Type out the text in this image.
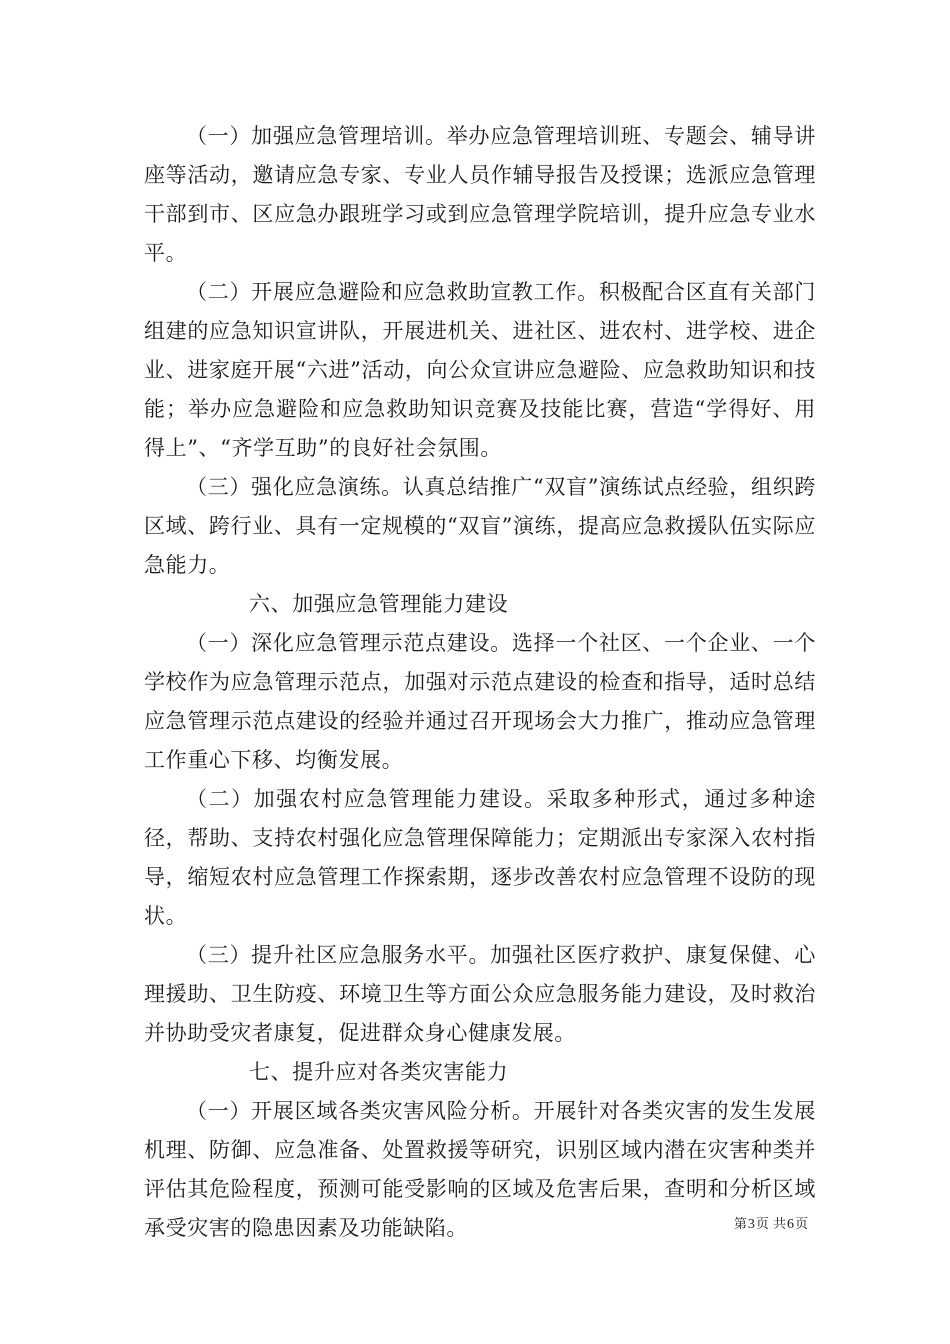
（一）加强应急管理培训。举办应急管理培训班、专题会、辅导讲座等活动，邀请应急专家、专业人员作辅导报告及授课；选派应急管理干部到市、区应急办跟班学习或到应急管理学院培训，提升应急专业水平。

（二）开展应急避险和应急救助宣教工作。积极配合区直有关部门组建的应急知识宣讲队，开展进机关、进社区、进农村、进学校、进企业、进家庭开展“六进”活动，向公众宣讲应急避险、应急救助知识和技能；举办应急避险和应急救助知识竞赛及技能比赛，营造“学得好、用得上”、“齐学互助”的良好社会氛围。

（三）强化应急演练。认真总结推广“双盲”演练试点经验，组织跨区域、跨行业、具有一定规模的“双盲”演练，提高应急救援队伍实际应急能力。

六、加强应急管理能力建设

（一）深化应急管理示范点建设。选择一个社区、一个企业、一个学校作为应急管理示范点，加强对示范点建设的检查和指导，适时总结应急管理示范点建设的经验并通过召开现场会大力推广，推动应急管理工作重心下移、均衡发展。

（二）加强农村应急管理能力建设。采取多种形式，通过多种途径，帮助、支持农村强化应急管理保障能力；定期派出专家深入农村指导，缩短农村应急管理工作探索期，逐步改善农村应急管理不设防的现状。

（三）提升社区应急服务水平。加强社区医疗救护、康复保健、心理援助、卫生防疫、环境卫生等方面公众应急服务能力建设，及时救治并协助受灾者康复，促进群众身心健康发展。

七、提升应对各类灾害能力

（一）开展区域各类灾害风险分析。开展针对各类灾害的发生发展机理、防御、应急准备、处置救援等研究，识别区域内潜在灾害种类并评估其危险程度，预测可能受影响的区域及危害后果，查明和分析区域承受灾害的隐患因素及功能缺陷。	第3页 共6页
